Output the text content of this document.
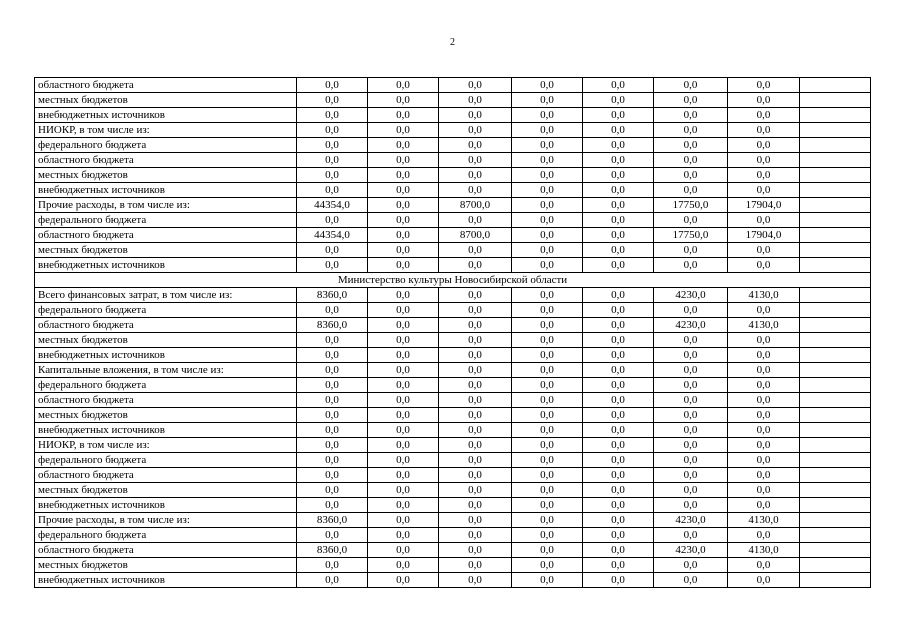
2
областного бюджета	0,0	0,0	0,0	0,0	0,0	0,0	0,0	
местных бюджетов	0,0	0,0	0,0	0,0	0,0	0,0	0,0	
внебюджетных источников	0,0	0,0	0,0	0,0	0,0	0,0	0,0	
НИОКР, в том числе из:	0,0	0,0	0,0	0,0	0,0	0,0	0,0	
федерального бюджета	0,0	0,0	0,0	0,0	0,0	0,0	0,0	
областного бюджета	0,0	0,0	0,0	0,0	0,0	0,0	0,0	
местных бюджетов	0,0	0,0	0,0	0,0	0,0	0,0	0,0	
внебюджетных источников	0,0	0,0	0,0	0,0	0,0	0,0	0,0	
Прочие расходы, в том числе из:	44354,0	0,0	8700,0	0,0	0,0	17750,0	17904,0	
федерального бюджета	0,0	0,0	0,0	0,0	0,0	0,0	0,0	
областного бюджета	44354,0	0,0	8700,0	0,0	0,0	17750,0	17904,0	
местных бюджетов	0,0	0,0	0,0	0,0	0,0	0,0	0,0	
внебюджетных источников	0,0	0,0	0,0	0,0	0,0	0,0	0,0	
Министерство культуры Новосибирской области								
Всего финансовых затрат, в том числе из:	8360,0	0,0	0,0	0,0	0,0	4230,0	4130,0	
федерального бюджета	0,0	0,0	0,0	0,0	0,0	0,0	0,0	
областного бюджета	8360,0	0,0	0,0	0,0	0,0	4230,0	4130,0	
местных бюджетов	0,0	0,0	0,0	0,0	0,0	0,0	0,0	
внебюджетных источников	0,0	0,0	0,0	0,0	0,0	0,0	0,0	
Капитальные вложения, в том числе из:	0,0	0,0	0,0	0,0	0,0	0,0	0,0	
федерального бюджета	0,0	0,0	0,0	0,0	0,0	0,0	0,0	
областного бюджета	0,0	0,0	0,0	0,0	0,0	0,0	0,0	
местных бюджетов	0,0	0,0	0,0	0,0	0,0	0,0	0,0	
внебюджетных источников	0,0	0,0	0,0	0,0	0,0	0,0	0,0	
НИОКР, в том числе из:	0,0	0,0	0,0	0,0	0,0	0,0	0,0	
федерального бюджета	0,0	0,0	0,0	0,0	0,0	0,0	0,0	
областного бюджета	0,0	0,0	0,0	0,0	0,0	0,0	0,0	
местных бюджетов	0,0	0,0	0,0	0,0	0,0	0,0	0,0	
внебюджетных источников	0,0	0,0	0,0	0,0	0,0	0,0	0,0	
Прочие расходы, в том числе из:	8360,0	0,0	0,0	0,0	0,0	4230,0	4130,0	
федерального бюджета	0,0	0,0	0,0	0,0	0,0	0,0	0,0	
областного бюджета	8360,0	0,0	0,0	0,0	0,0	4230,0	4130,0	
местных бюджетов	0,0	0,0	0,0	0,0	0,0	0,0	0,0	
внебюджетных источников	0,0	0,0	0,0	0,0	0,0	0,0	0,0	
